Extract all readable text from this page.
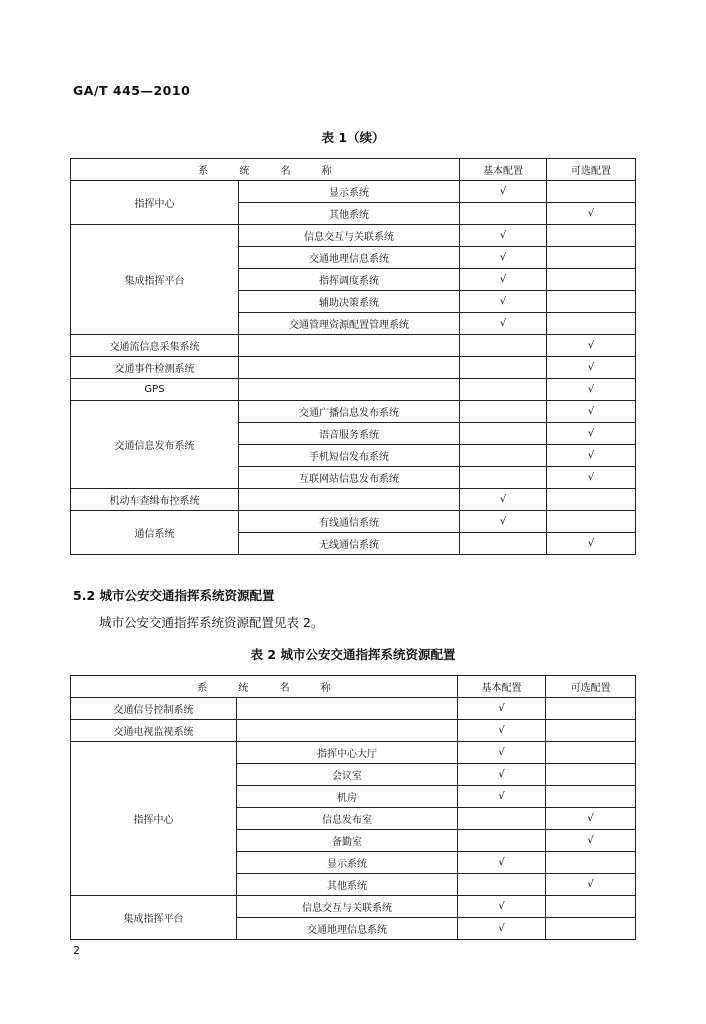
GA/T 445—2010
表 1（续）
系 统 名 称		基本配置	可选配置
指挥中心	显示系统	√	
	其他系统		√
集成指挥平台	信息交互与关联系统	√	
	交通地理信息系统	√	
	指挥调度系统	√	
	辅助决策系统	√	
	交通管理资源配置管理系统	√	
交通流信息采集系统			√
交通事件检测系统			√
GPS			√
交通信息发布系统	交通广播信息发布系统		√
	语音服务系统		√
	手机短信发布系统		√
	互联网站信息发布系统		√
机动车查缉布控系统		√	
通信系统	有线通信系统	√	
	无线通信系统		√
5.2 城市公安交通指挥系统资源配置
城市公安交通指挥系统资源配置见表 2。
表 2 城市公安交通指挥系统资源配置
系 统 名 称		基本配置	可选配置
交通信号控制系统		√	
交通电视监视系统		√	
指挥中心	指挥中心大厅	√	
	会议室	√	
	机房	√	
	信息发布室		√
	备勤室		√
	显示系统	√	
	其他系统		√
集成指挥平台	信息交互与关联系统	√	
	交通地理信息系统	√	
2
